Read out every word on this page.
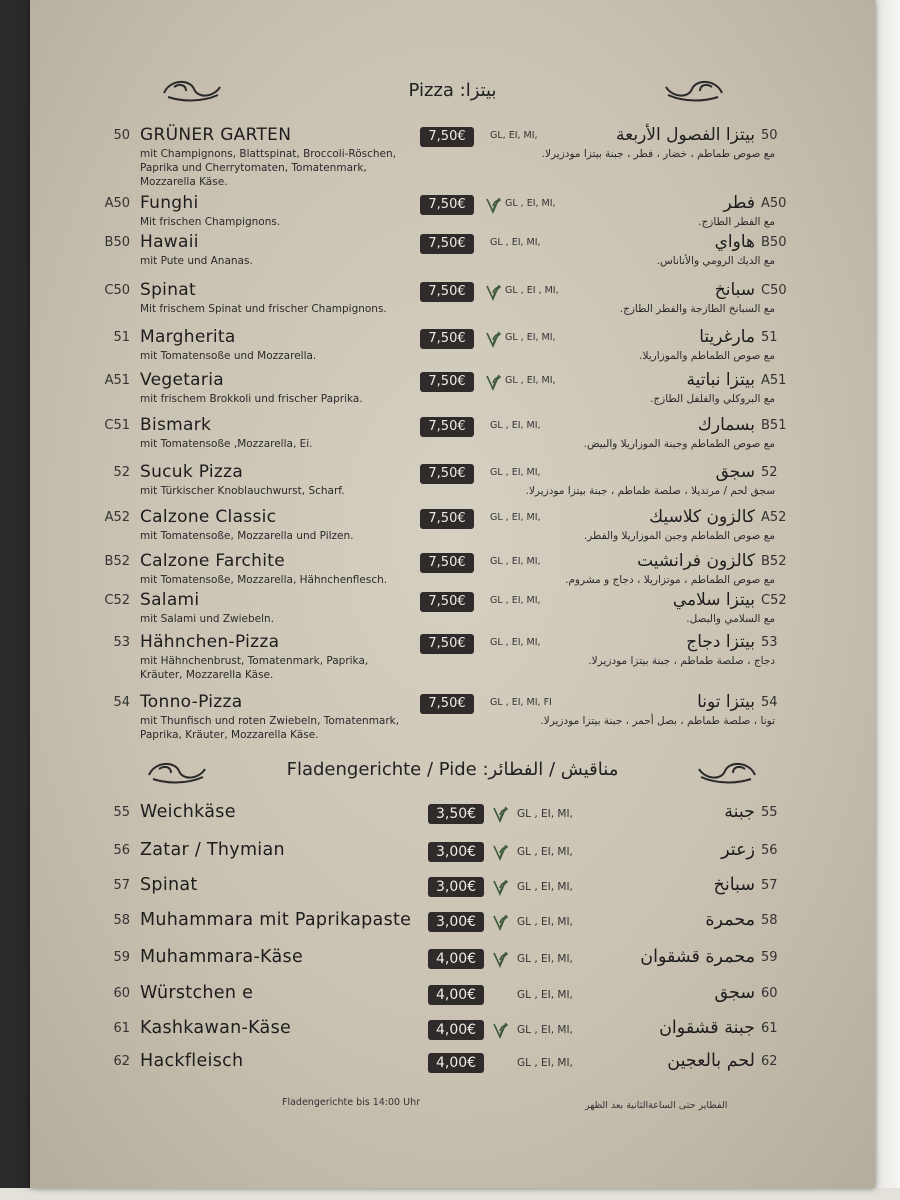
Pizza :بيتزا
50 GRÜNER GARTEN
mit Champignons, Blattspinat, Broccoli-Röschen, Paprika und Cherrytomaten, Tomatenmark, Mozzarella Käse.
7,50€	GL, EI, MI,	بيتزا الفصول الأربعة 50
مع صوص طماطم ، خضار ، فطر ، جبنة بيتزا مودزيرلا.
A50 Funghi
Mit frischen Champignons.
7,50€	GL , EI, MI,	فطر A50
مع الفطر الطازج.
B50 Hawaii
mit Pute und Ananas.
7,50€	GL , EI, MI,	هاواي B50
مع الديك الرومي والأناناس.
C50 Spinat
Mit frischem Spinat und frischer Champignons.
7,50€	GL , EI , MI,	سبانخ C50
مع السبانخ الطازجة والفطر الطازج.
51 Margherita
mit Tomatensoße und Mozzarella.
7,50€	GL , EI, MI,	مارغريتا 51
مع صوص الطماطم والموزاريلا.
A51 Vegetaria
mit frischem Brokkoli und frischer Paprika.
7,50€	GL , EI, MI,	بيتزا نباتية A51
مع البروكلي والفلفل الطازج.
C51 Bismark
mit Tomatensoße ,Mozzarella, Ei.
7,50€	GL , EI, MI,	بسمارك B51
مع صوص الطماطم وجبنة الموزاريلا والبيض.
52 Sucuk Pizza
mit Türkischer Knoblauchwurst, Scharf.
7,50€	GL , EI, MI,	سجق 52
سجق لحم / مرتديلا ، صلصة طماطم ، جبنة بيتزا مودزيرلا.
A52 Calzone Classic
mit Tomatensoße, Mozzarella und Pilzen.
7,50€	GL , EI, MI,	كالزون كلاسيك A52
مع صوص الطماطم وجبن الموزاريلا والفطر.
B52 Calzone Farchite
mit Tomatensoße, Mozzarella, Hähnchenflesch.
7,50€	GL , EI, MI,	كالزون فرانشيت B52
مع صوص الطماطم ، موتزاريلا ، دجاج و مشروم.
C52 Salami
mit Salami und Zwiebeln.
7,50€	GL , EI, MI,	بيتزا سلامي C52
مع السلامي والبصل.
53 Hähnchen-Pizza
mit Hähnchenbrust, Tomatenmark, Paprika, Kräuter, Mozzarella Käse.
7,50€	GL , EI, MI,	بيتزا دجاج 53
دجاج ، صلصة طماطم ، جبنة بيتزا مودزيرلا.
54 Tonno-Pizza
mit Thunfisch und roten Zwiebeln, Tomatenmark, Paprika, Kräuter, Mozzarella Käse.
7,50€	GL , EI, MI, FI	بيتزا تونا 54
تونا ، صلصة طماطم ، بصل أحمر ، جبنة بيتزا مودزيرلا.
Fladengerichte / Pide :مناقيش / الفطائر
55 Weichkäse	3,50€	GL , EI, MI,	جبنة 55
56 Zatar / Thymian	3,00€	GL , EI, MI,	زعتر 56
57 Spinat	3,00€	GL , EI, MI,	سبانخ 57
58 Muhammara mit Paprikapaste	3,00€	GL , EI, MI,	محمرة 58
59 Muhammara-Käse	4,00€	GL , EI, MI,	محمرة قشقوان 59
60 Würstchen e	4,00€	GL , EI, MI,	سجق 60
61 Kashkawan-Käse	4,00€	GL , EI, MI,	جبنة قشقوان 61
62 Hackfleisch	4,00€	GL , EI, MI,	لحم بالعجين 62
Fladengerichte bis 14:00 Uhr	الفطاير حتى الساعةالثانية بعد الظهر
